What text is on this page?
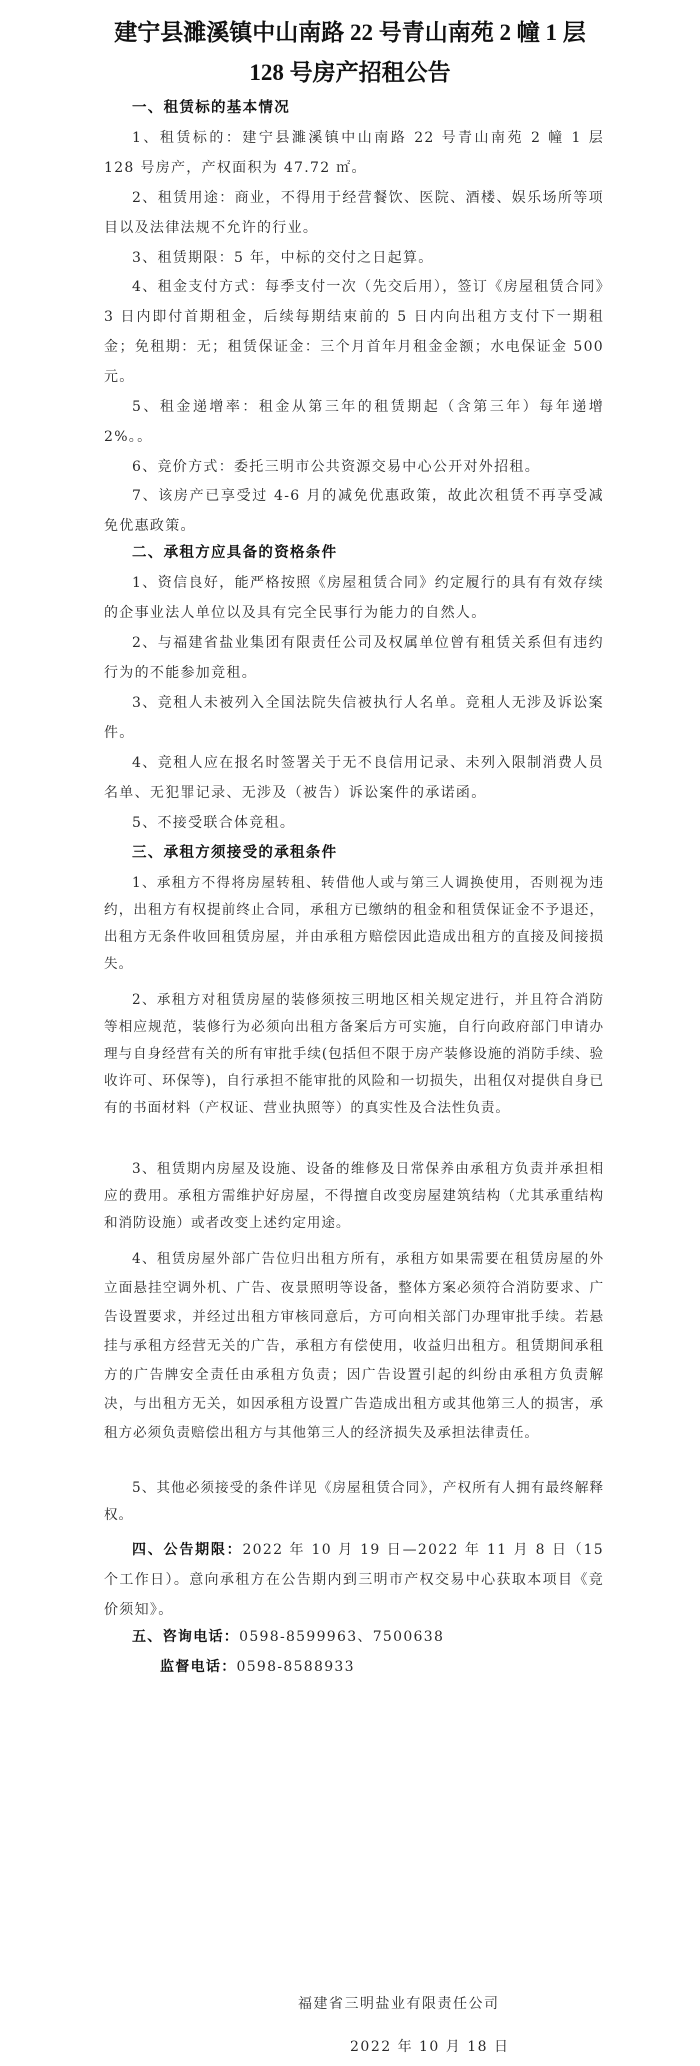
建宁县濉溪镇中山南路 22 号青山南苑 2 幢 1 层
128 号房产招租公告
一、租赁标的基本情况
1、租赁标的：建宁县濉溪镇中山南路 22 号青山南苑 2 幢 1 层 128 号房产，产权面积为 47.72 ㎡。
2、租赁用途：商业，不得用于经营餐饮、医院、酒楼、娱乐场所等项目以及法律法规不允许的行业。
3、租赁期限：5 年，中标的交付之日起算。
4、租金支付方式：每季支付一次（先交后用），签订《房屋租赁合同》3 日内即付首期租金，后续每期结束前的 5 日内向出租方支付下一期租金；免租期：无；租赁保证金：三个月首年月租金金额；水电保证金 500 元。
5、租金递增率：租金从第三年的租赁期起（含第三年）每年递增 2%。。
6、竞价方式：委托三明市公共资源交易中心公开对外招租。
7、该房产已享受过 4-6 月的减免优惠政策，故此次租赁不再享受减免优惠政策。
二、承租方应具备的资格条件
1、资信良好，能严格按照《房屋租赁合同》约定履行的具有有效存续的企事业法人单位以及具有完全民事行为能力的自然人。
2、与福建省盐业集团有限责任公司及权属单位曾有租赁关系但有违约行为的不能参加竞租。
3、竞租人未被列入全国法院失信被执行人名单。竞租人无涉及诉讼案件。
4、竞租人应在报名时签署关于无不良信用记录、未列入限制消费人员名单、无犯罪记录、无涉及（被告）诉讼案件的承诺函。
5、不接受联合体竞租。
三、承租方须接受的承租条件
1、承租方不得将房屋转租、转借他人或与第三人调换使用，否则视为违约，出租方有权提前终止合同，承租方已缴纳的租金和租赁保证金不予退还，出租方无条件收回租赁房屋，并由承租方赔偿因此造成出租方的直接及间接损失。
2、承租方对租赁房屋的装修须按三明地区相关规定进行，并且符合消防等相应规范，装修行为必须向出租方备案后方可实施，自行向政府部门申请办理与自身经营有关的所有审批手续(包括但不限于房产装修设施的消防手续、验收许可、环保等)，自行承担不能审批的风险和一切损失，出租仅对提供自身已有的书面材料（产权证、营业执照等）的真实性及合法性负责。
3、租赁期内房屋及设施、设备的维修及日常保养由承租方负责并承担相应的费用。承租方需维护好房屋，不得擅自改变房屋建筑结构（尤其承重结构和消防设施）或者改变上述约定用途。
4、租赁房屋外部广告位归出租方所有，承租方如果需要在租赁房屋的外立面悬挂空调外机、广告、夜景照明等设备，整体方案必须符合消防要求、广告设置要求，并经过出租方审核同意后，方可向相关部门办理审批手续。若悬挂与承租方经营无关的广告，承租方有偿使用，收益归出租方。租赁期间承租方的广告牌安全责任由承租方负责；因广告设置引起的纠纷由承租方负责解决，与出租方无关，如因承租方设置广告造成出租方或其他第三人的损害，承租方必须负责赔偿出租方与其他第三人的经济损失及承担法律责任。
5、其他必须接受的条件详见《房屋租赁合同》，产权所有人拥有最终解释权。
四、公告期限：2022 年 10 月 19 日—2022 年 11 月 8 日（15 个工作日）。意向承租方在公告期内到三明市产权交易中心获取本项目《竞价须知》。
五、咨询电话：0598-8599963、7500638
监督电话：0598-8588933
福建省三明盐业有限责任公司
2022 年 10 月 18 日
